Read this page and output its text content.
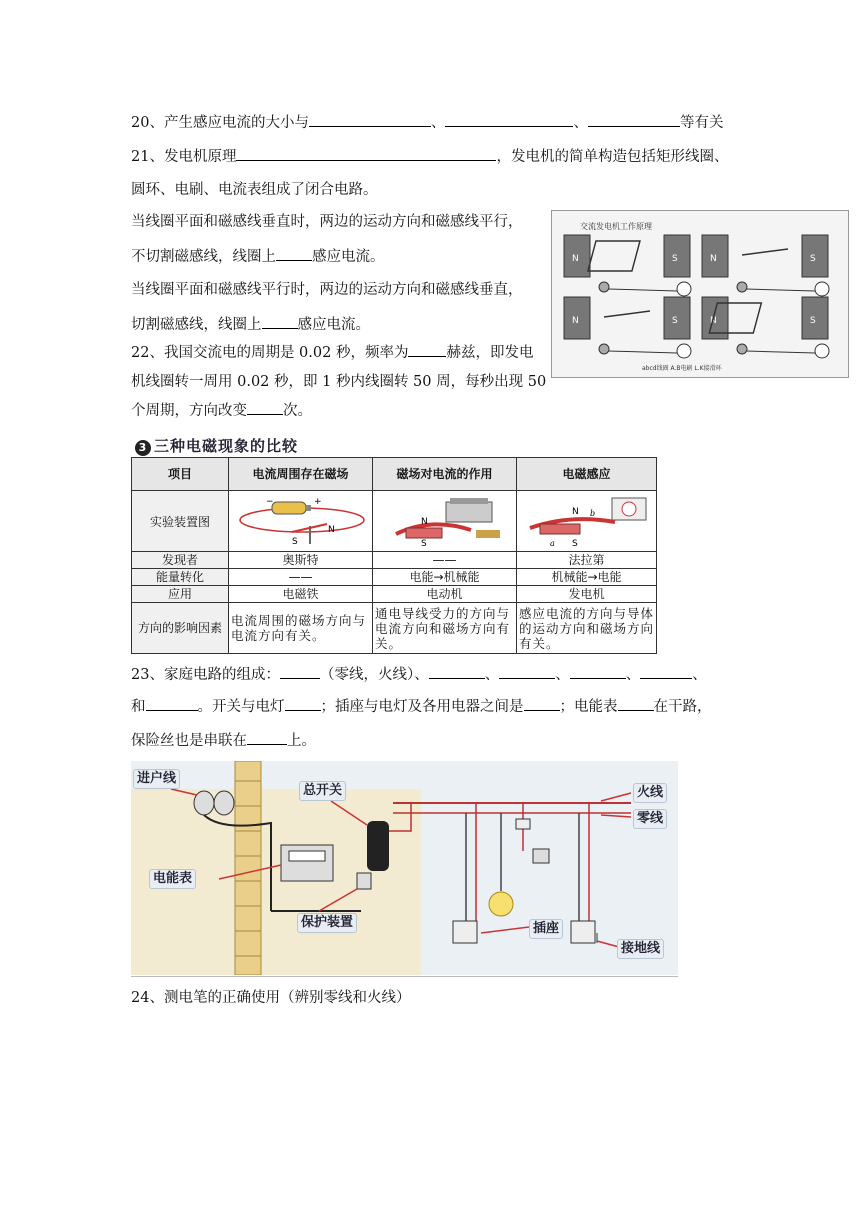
20、产生感应电流的大小与	、	、	等有关
21、发电机原理	，发电机的简单构造包括矩形线圈、
圆环、电刷、电流表组成了闭合电路。
当线圈平面和磁感线垂直时，两边的运动方向和磁感线平行，
不切割磁感线，线圈上 感应电流。
当线圈平面和磁感线平行时，两边的运动方向和磁感线垂直，
切割磁感线，线圈上 感应电流。
22、我国交流电的周期是 0.02 秒，频率为	赫兹，即发电
机线圈转一周用 0.02 秒，即 1 秒内线圈转 50 周，每秒出现 50
个周期，方向改变 次。
交流发电机工作原理
N	S	N	S
N	S	N	S
abcd线圈 A.B电刷 L.K接滑环
3 三种电磁现象的比较
项目	电流周围存在磁场	磁场对电流的作用	电磁感应
实验装置图	− +
S
N	N
S	N b
a S

发现者	奥斯特	——	法拉第
能量转化	——	电能→机械能	机械能→电能
应用	电磁铁	电动机	发电机
方向的影响因素	电流周围的磁场方向与电流方向有关。	通电导线受力的方向与电流方向和磁场方向有关。	感应电流的方向与导体的运动方向和磁场方向有关。
23、家庭电路的组成：	（零线，火线）、	、	、	、	、
和	。开关与电灯 ；插座与电灯及各用电器之间是 ；电能表 在干路，
保险丝也是串联在	上。
进户线
总开关
电能表
保护装置	插座
火线
零线
接地线
24、测电笔的正确使用（辨别零线和火线）
